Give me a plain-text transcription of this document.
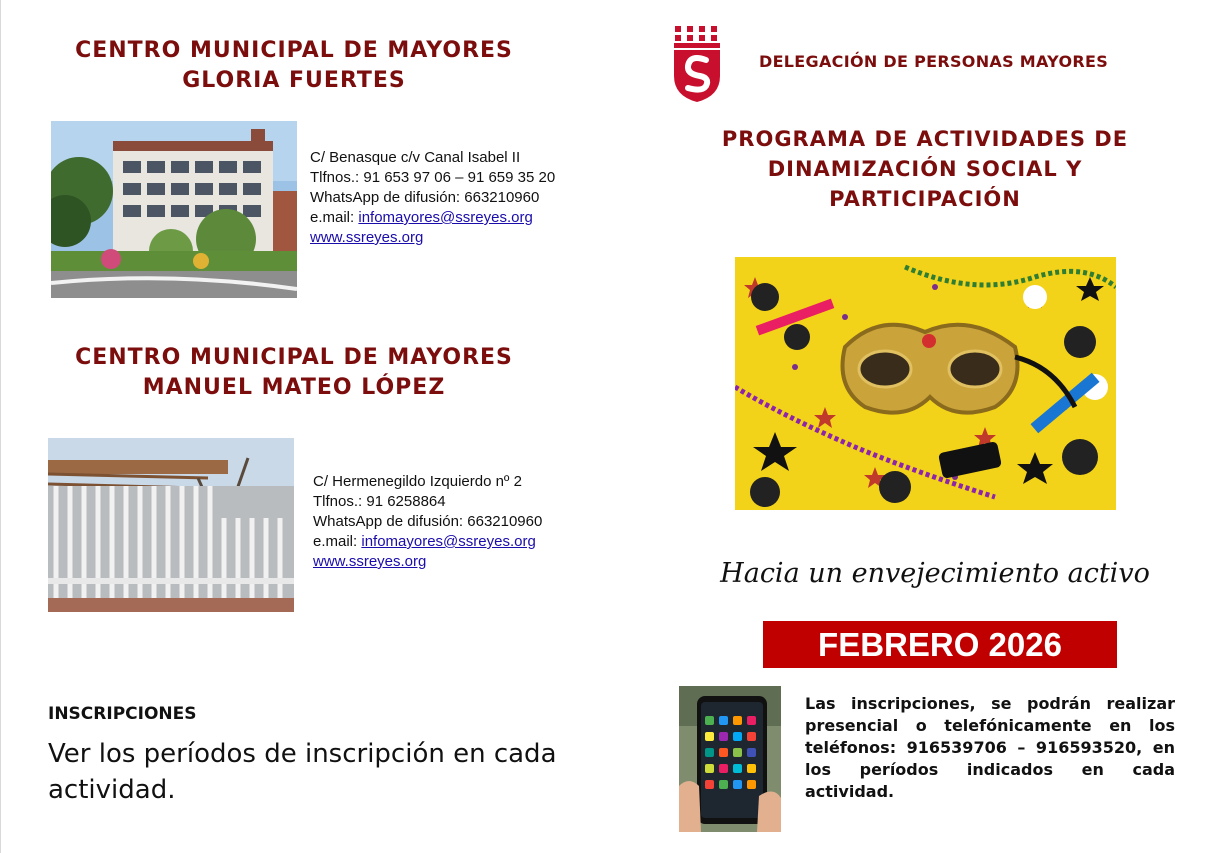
CENTRO MUNICIPAL DE MAYORES
GLORIA FUERTES
C/ Benasque c/v Canal Isabel II
Tlfnos.: 91 653 97 06 – 91 659 35 20
WhatsApp de difusión: 663210960
e.mail: infomayores@ssreyes.org
www.ssreyes.org
CENTRO MUNICIPAL DE MAYORES
MANUEL MATEO LÓPEZ
C/ Hermenegildo Izquierdo nº 2
Tlfnos.: 91 6258864
WhatsApp de difusión: 663210960
e.mail: infomayores@ssreyes.org
www.ssreyes.org
INSCRIPCIONES
Ver los períodos de inscripción en cada actividad.
DELEGACIÓN DE PERSONAS MAYORES
PROGRAMA DE ACTIVIDADES DE DINAMIZACIÓN SOCIAL Y PARTICIPACIÓN
Hacia un envejecimiento activo
FEBRERO 2026
Las inscripciones, se podrán realizar presencial o telefónicamente en los teléfonos: 916539706 – 916593520, en los períodos indicados en cada actividad.
